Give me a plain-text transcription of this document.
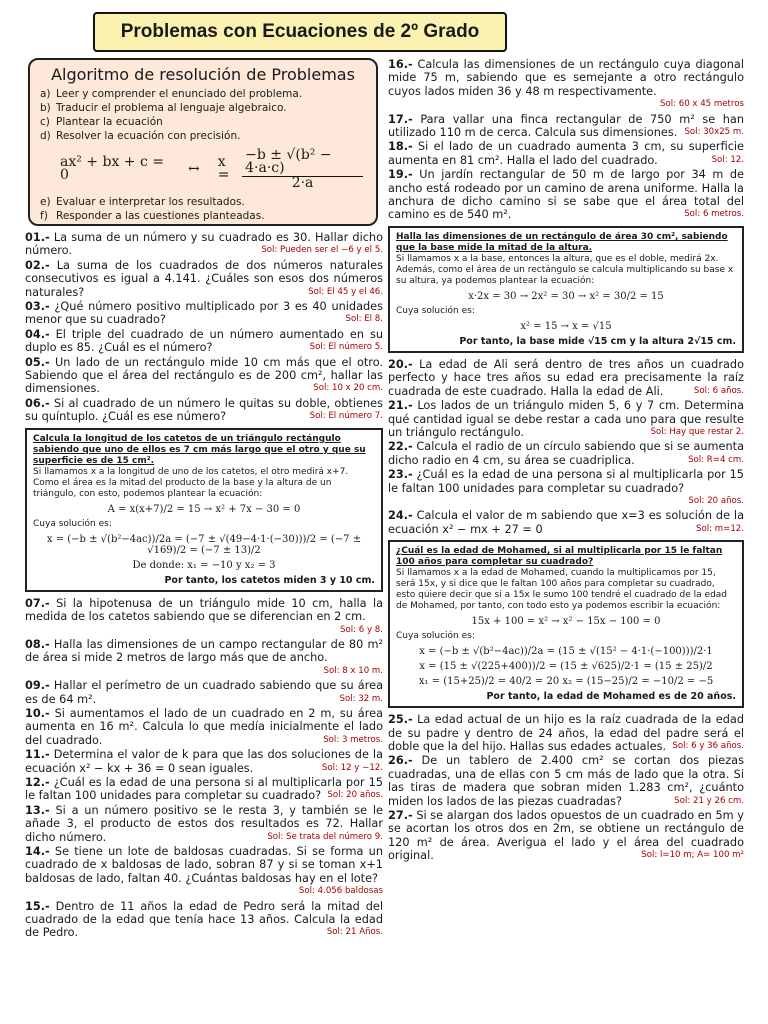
Problemas con Ecuaciones de 2º Grado
Algoritmo de resolución de Problemas
a) Leer y comprender el enunciado del problema.
b) Traducir el problema al lenguaje algebraico.
c) Plantear la ecuación
d) Resolver la ecuación con precisión.
ax² + bx + c = 0	↔ $x = \frac{\text{−b ± √(b² − 4·a·c)}}{2\cdot a}$
e) Evaluar e interpretar los resultados.
f) Responder a las cuestiones planteadas.
01.- La suma de un número y su cuadrado es 30. Hallar dicho número.	Sol: Pueden ser el −6 y el 5.
02.- La suma de los cuadrados de dos números naturales consecutivos es igual a 4.141. ¿Cuáles son esos dos números naturales?	Sol: El 45 y el 46.
03.- ¿Qué número positivo multiplicado por 3 es 40 unidades menor que su cuadrado?	Sol: El 8.
04.- El triple del cuadrado de un número aumentado en su duplo es 85. ¿Cuál es el número?	Sol: El número 5.
05.- Un lado de un rectángulo mide 10 cm más que el otro. Sabiendo que el área del rectángulo es de 200 cm², hallar las dimensiones.	Sol: 10 x 20 cm.
06.- Si al cuadrado de un número le quitas su doble, obtienes su quíntuplo. ¿Cuál es ese número?	Sol: El número 7.
Calcula la longitud de los catetos de un triángulo rectángulo sabiendo que uno de ellos es 7 cm más largo que el otro y que su superficie es de 15 cm².
Si llamamos x a la longitud de uno de los catetos, el otro medirá x+7.
Como el área es la mitad del producto de la base y la altura de un triángulo, con esto, podemos plantear la ecuación:
A = x(x+7)/2 = 15 → x² + 7x − 30 = 0
Cuya solución es:
x = (−b ± √(b²−4ac))/2a = (−7 ± √(49−4·1·(−30)))/2 = (−7 ± √169)/2 = (−7 ± 13)/2
De donde: x₁ = −10 y x₂ = 3
Por tanto, los catetos miden 3 y 10 cm.
07.- Si la hipotenusa de un triángulo mide 10 cm, halla la medida de los catetos sabiendo que se diferencian en 2 cm.
Sol: 6 y 8.
08.- Halla las dimensiones de un campo rectangular de 80 m² de área si mide 2 metros de largo más que de ancho.
Sol: 8 x 10 m.
09.- Hallar el perímetro de un cuadrado sabiendo que su área es de 64 m².	Sol: 32 m.
10.- Si aumentamos el lado de un cuadrado en 2 m, su área aumenta en 16 m². Calcula lo que medía inicialmente el lado del cuadrado.	Sol: 3 metros.
11.- Determina el valor de k para que las dos soluciones de la ecuación x² − kx + 36 = 0 sean iguales.	Sol: 12 y −12.
12.- ¿Cuál es la edad de una persona si al multiplicarla por 15 le faltan 100 unidades para completar su cuadrado? Sol: 20 años.
13.- Si a un número positivo se le resta 3, y también se le añade 3, el producto de estos dos resultados es 72. Hallar dicho número.	Sol: Se trata del número 9.
14.- Se tiene un lote de baldosas cuadradas. Si se forma un cuadrado de x baldosas de lado, sobran 87 y si se toman x+1 baldosas de lado, faltan 40. ¿Cuántas baldosas hay en el lote?
Sol: 4.056 baldosas
15.- Dentro de 11 años la edad de Pedro será la mitad del cuadrado de la edad que tenía hace 13 años. Calcula la edad de Pedro.	Sol: 21 Años.
16.- Calcula las dimensiones de un rectángulo cuya diagonal mide 75 m, sabiendo que es semejante a otro rectángulo cuyos lados miden 36 y 48 m respectivamente.
Sol: 60 x 45 metros
17.- Para vallar una finca rectangular de 750 m² se han utilizado 110 m de cerca. Calcula sus dimensiones. Sol: 30x25 m.
18.- Si el lado de un cuadrado aumenta 3 cm, su superficie aumenta en 81 cm². Halla el lado del cuadrado.	Sol: 12.
19.- Un jardín rectangular de 50 m de largo por 34 m de ancho está rodeado por un camino de arena uniforme. Halla la anchura de dicho camino si se sabe que el área total del camino es de 540 m².	Sol: 6 metros.
Halla las dimensiones de un rectángulo de área 30 cm², sabiendo que la base mide la mitad de la altura.
Si llamamos x a la base, entonces la altura, que es el doble, medirá 2x. Además, como el área de un rectángulo se calcula multiplicando su base x su altura, ya podemos plantear la ecuación:
x·2x = 30 → 2x² = 30 → x² = 30/2 = 15
Cuya solución es:
x² = 15 → x = √15
Por tanto, la base mide √15 cm y la altura 2√15 cm.
20.- La edad de Ali será dentro de tres años un cuadrado perfecto y hace tres años su edad era precisamente la raíz cuadrada de este cuadrado. Halla la edad de Ali.	Sol: 6 años.
21.- Los lados de un triángulo miden 5, 6 y 7 cm. Determina qué cantidad igual se debe restar a cada uno para que resulte un triángulo rectángulo.	Sol: Hay que restar 2.
22.- Calcula el radio de un círculo sabiendo que si se aumenta dicho radio en 4 cm, su área se cuadriplica.	Sol: R=4 cm.
23.- ¿Cuál es la edad de una persona si al multiplicarla por 15 le faltan 100 unidades para completar su cuadrado?
Sol: 20 años.
24.- Calcula el valor de m sabiendo que x=3 es solución de la ecuación x² − mx + 27 = 0	Sol: m=12.
¿Cuál es la edad de Mohamed, si al multiplicarla por 15 le faltan 100 años para completar su cuadrado?
Si llamamos x a la edad de Mohamed, cuando la multiplicamos por 15, será 15x, y si dice que le faltan 100 años para completar su cuadrado, esto quiere decir que si a 15x le sumo 100 tendré el cuadrado de la edad de Mohamed, por tanto, con todo esto ya podemos escribir la ecuación:
15x + 100 = x² → x² − 15x − 100 = 0
Cuya solución es:
x = (−b ± √(b²−4ac))/2a = (15 ± √(15² − 4·1·(−100)))/2·1
x = (15 ± √(225+400))/2 = (15 ± √625)/2·1 = (15 ± 25)/2
x₁ = (15+25)/2 = 40/2 = 20 x₂ = (15−25)/2 = −10/2 = −5
Por tanto, la edad de Mohamed es de 20 años.
25.- La edad actual de un hijo es la raíz cuadrada de la edad de su padre y dentro de 24 años, la edad del padre será el doble que la del hijo. Hallas sus edades actuales. Sol: 6 y 36 años.
26.- De un tablero de 2.400 cm² se cortan dos piezas cuadradas, una de ellas con 5 cm más de lado que la otra. Si las tiras de madera que sobran miden 1.283 cm², ¿cuánto miden los lados de las piezas cuadradas?	Sol: 21 y 26 cm.
27.- Si se alargan dos lados opuestos de un cuadrado en 5m y se acortan los otros dos en 2m, se obtiene un rectángulo de 120 m² de área. Averigua el lado y el área del cuadrado original.	Sol: l=10 m; A= 100 m²
